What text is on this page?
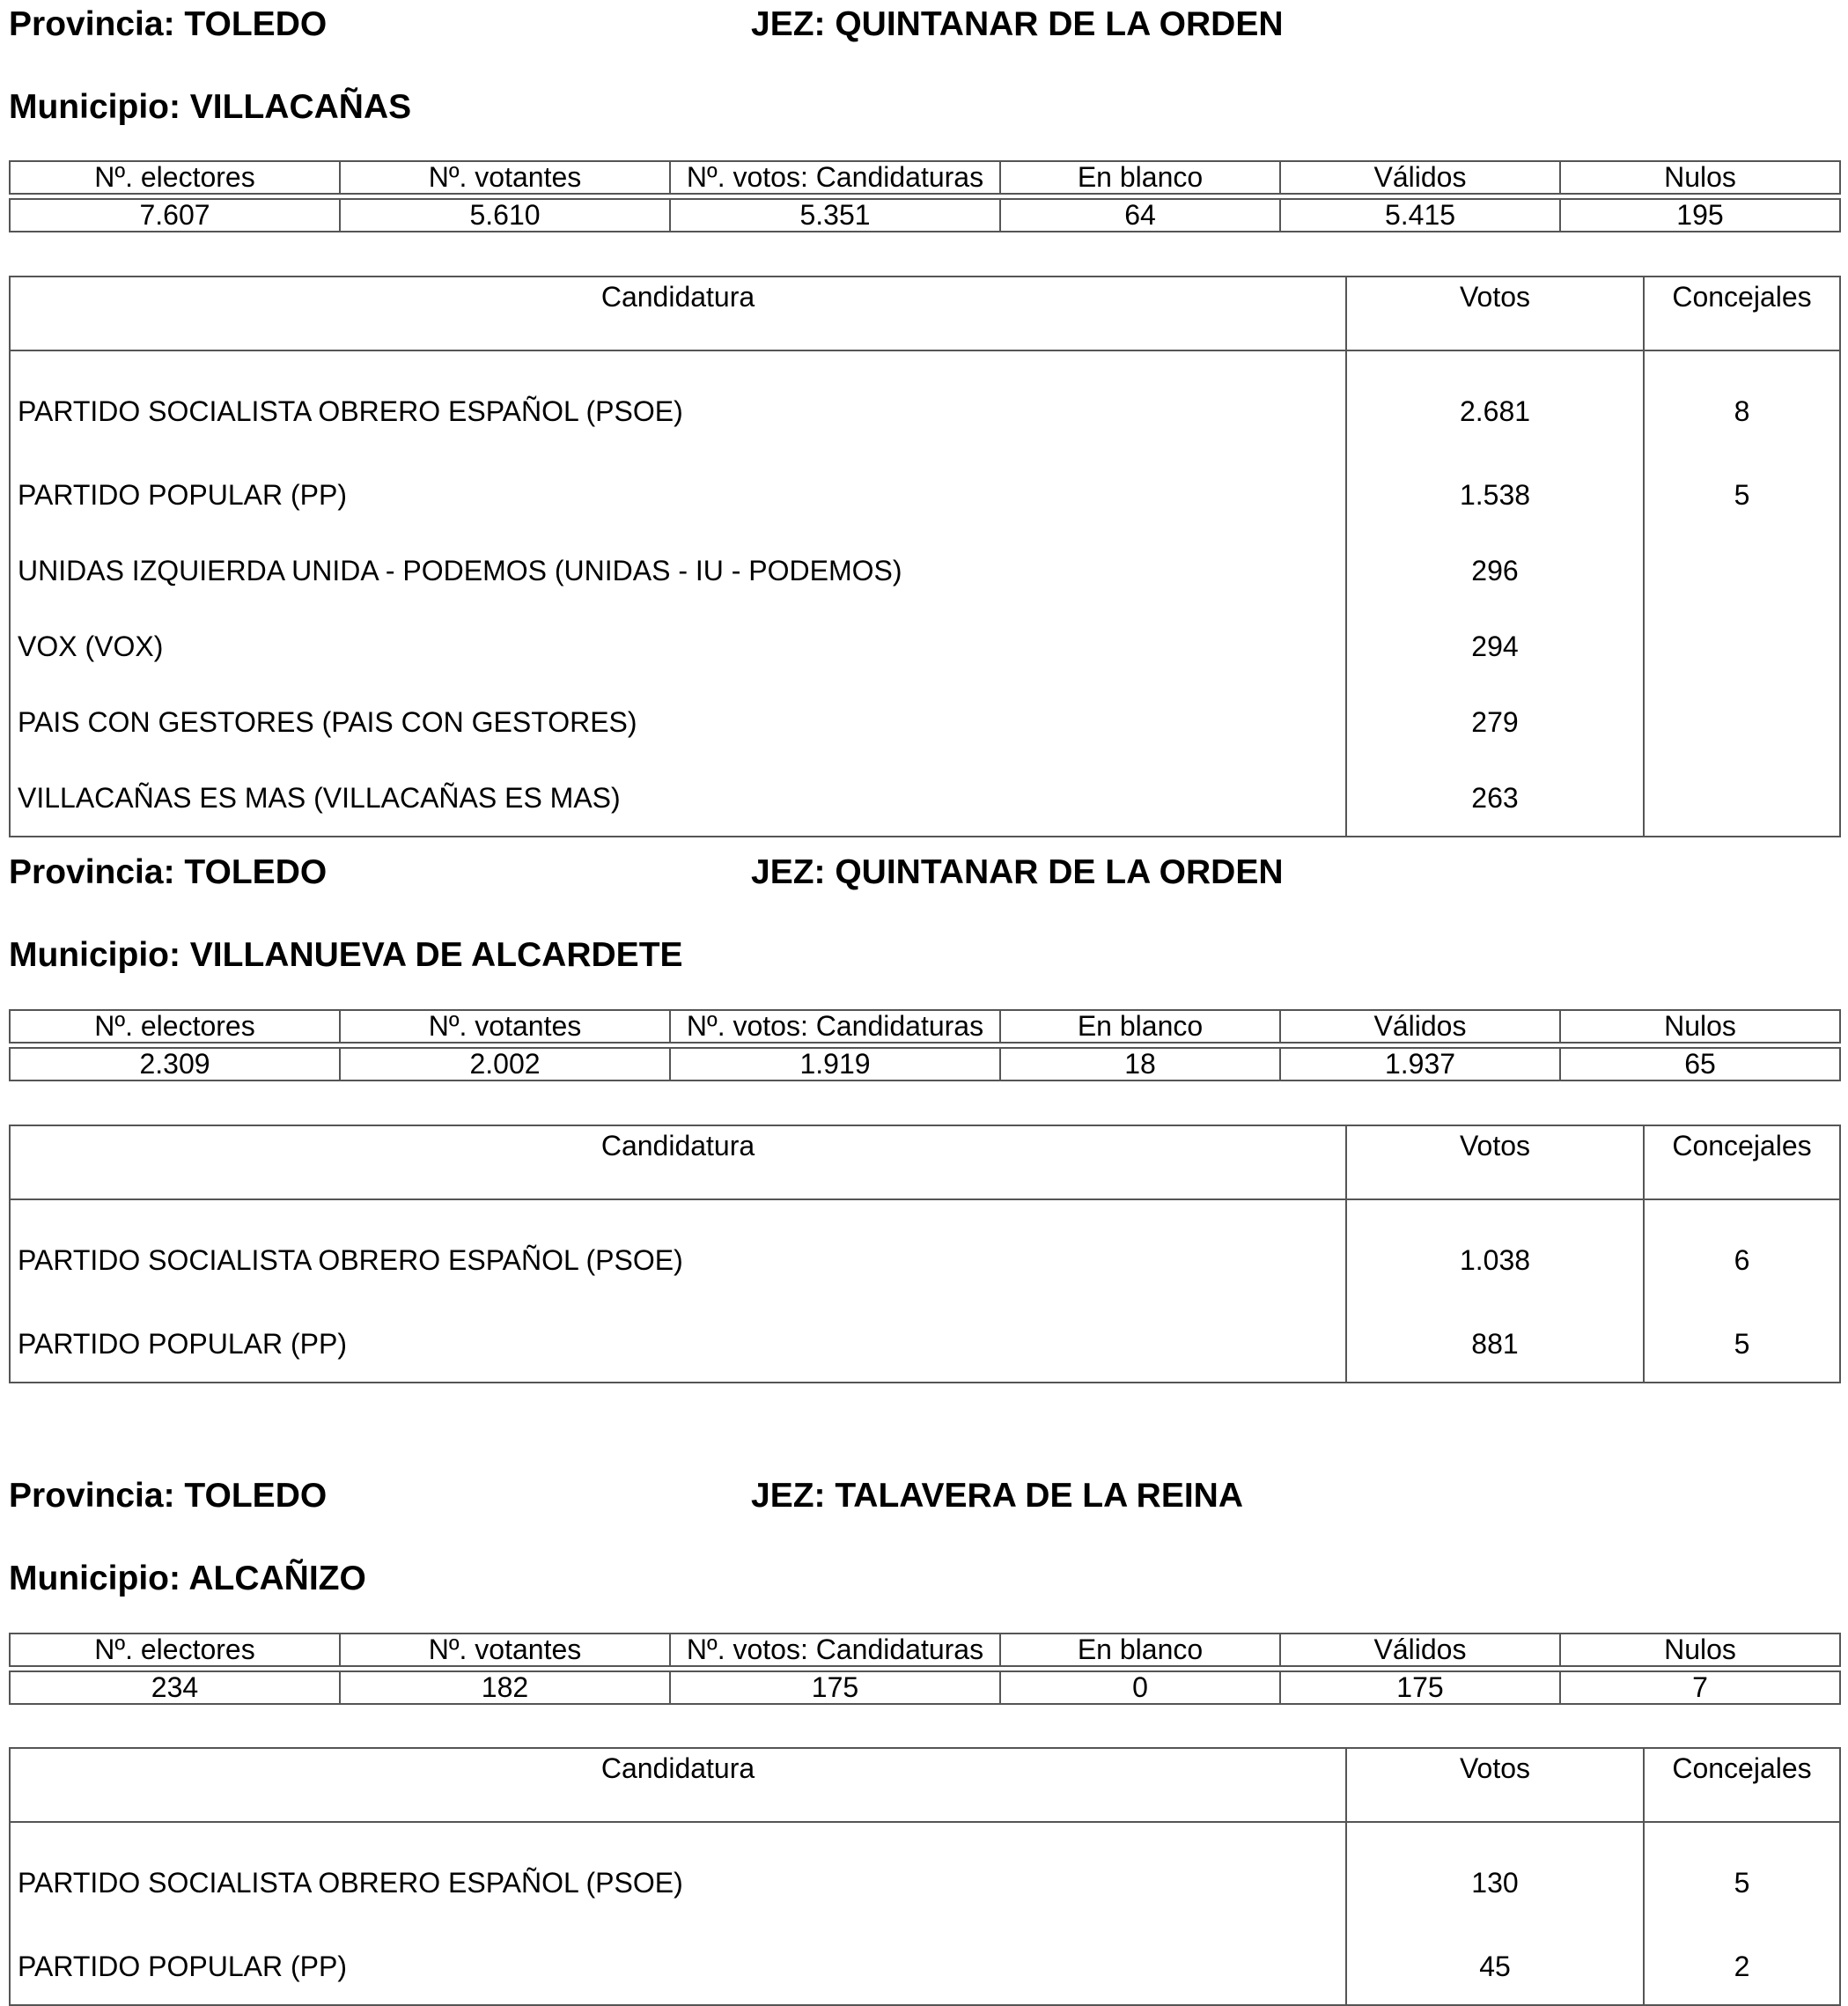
Provincia: TOLEDO	JEZ: QUINTANAR DE LA ORDEN
Municipio: VILLACAÑAS
Nº. electores	Nº. votantes	Nº. votos: Candidaturas	En blanco	Válidos	Nulos

7.607	5.610	5.351	64	5.415	195
Candidatura	Votos	Concejales
PARTIDO SOCIALISTA OBRERO ESPAÑOL (PSOE)	2.681	8
PARTIDO POPULAR (PP)	1.538	5
UNIDAS IZQUIERDA UNIDA - PODEMOS (UNIDAS - IU - PODEMOS)	296	
VOX (VOX)	294	
PAIS CON GESTORES (PAIS CON GESTORES)	279	
VILLACAÑAS ES MAS (VILLACAÑAS ES MAS)	263	
Provincia: TOLEDO	JEZ: QUINTANAR DE LA ORDEN
Municipio: VILLANUEVA DE ALCARDETE
Nº. electores	Nº. votantes	Nº. votos: Candidaturas	En blanco	Válidos	Nulos

2.309	2.002	1.919	18	1.937	65
Candidatura	Votos	Concejales
PARTIDO SOCIALISTA OBRERO ESPAÑOL (PSOE)	1.038	6
PARTIDO POPULAR (PP)	881	5
Provincia: TOLEDO	JEZ: TALAVERA DE LA REINA
Municipio: ALCAÑIZO
Nº. electores	Nº. votantes	Nº. votos: Candidaturas	En blanco	Válidos	Nulos

234	182	175	0	175	7
Candidatura	Votos	Concejales
PARTIDO SOCIALISTA OBRERO ESPAÑOL (PSOE)	130	5
PARTIDO POPULAR (PP)	45	2
